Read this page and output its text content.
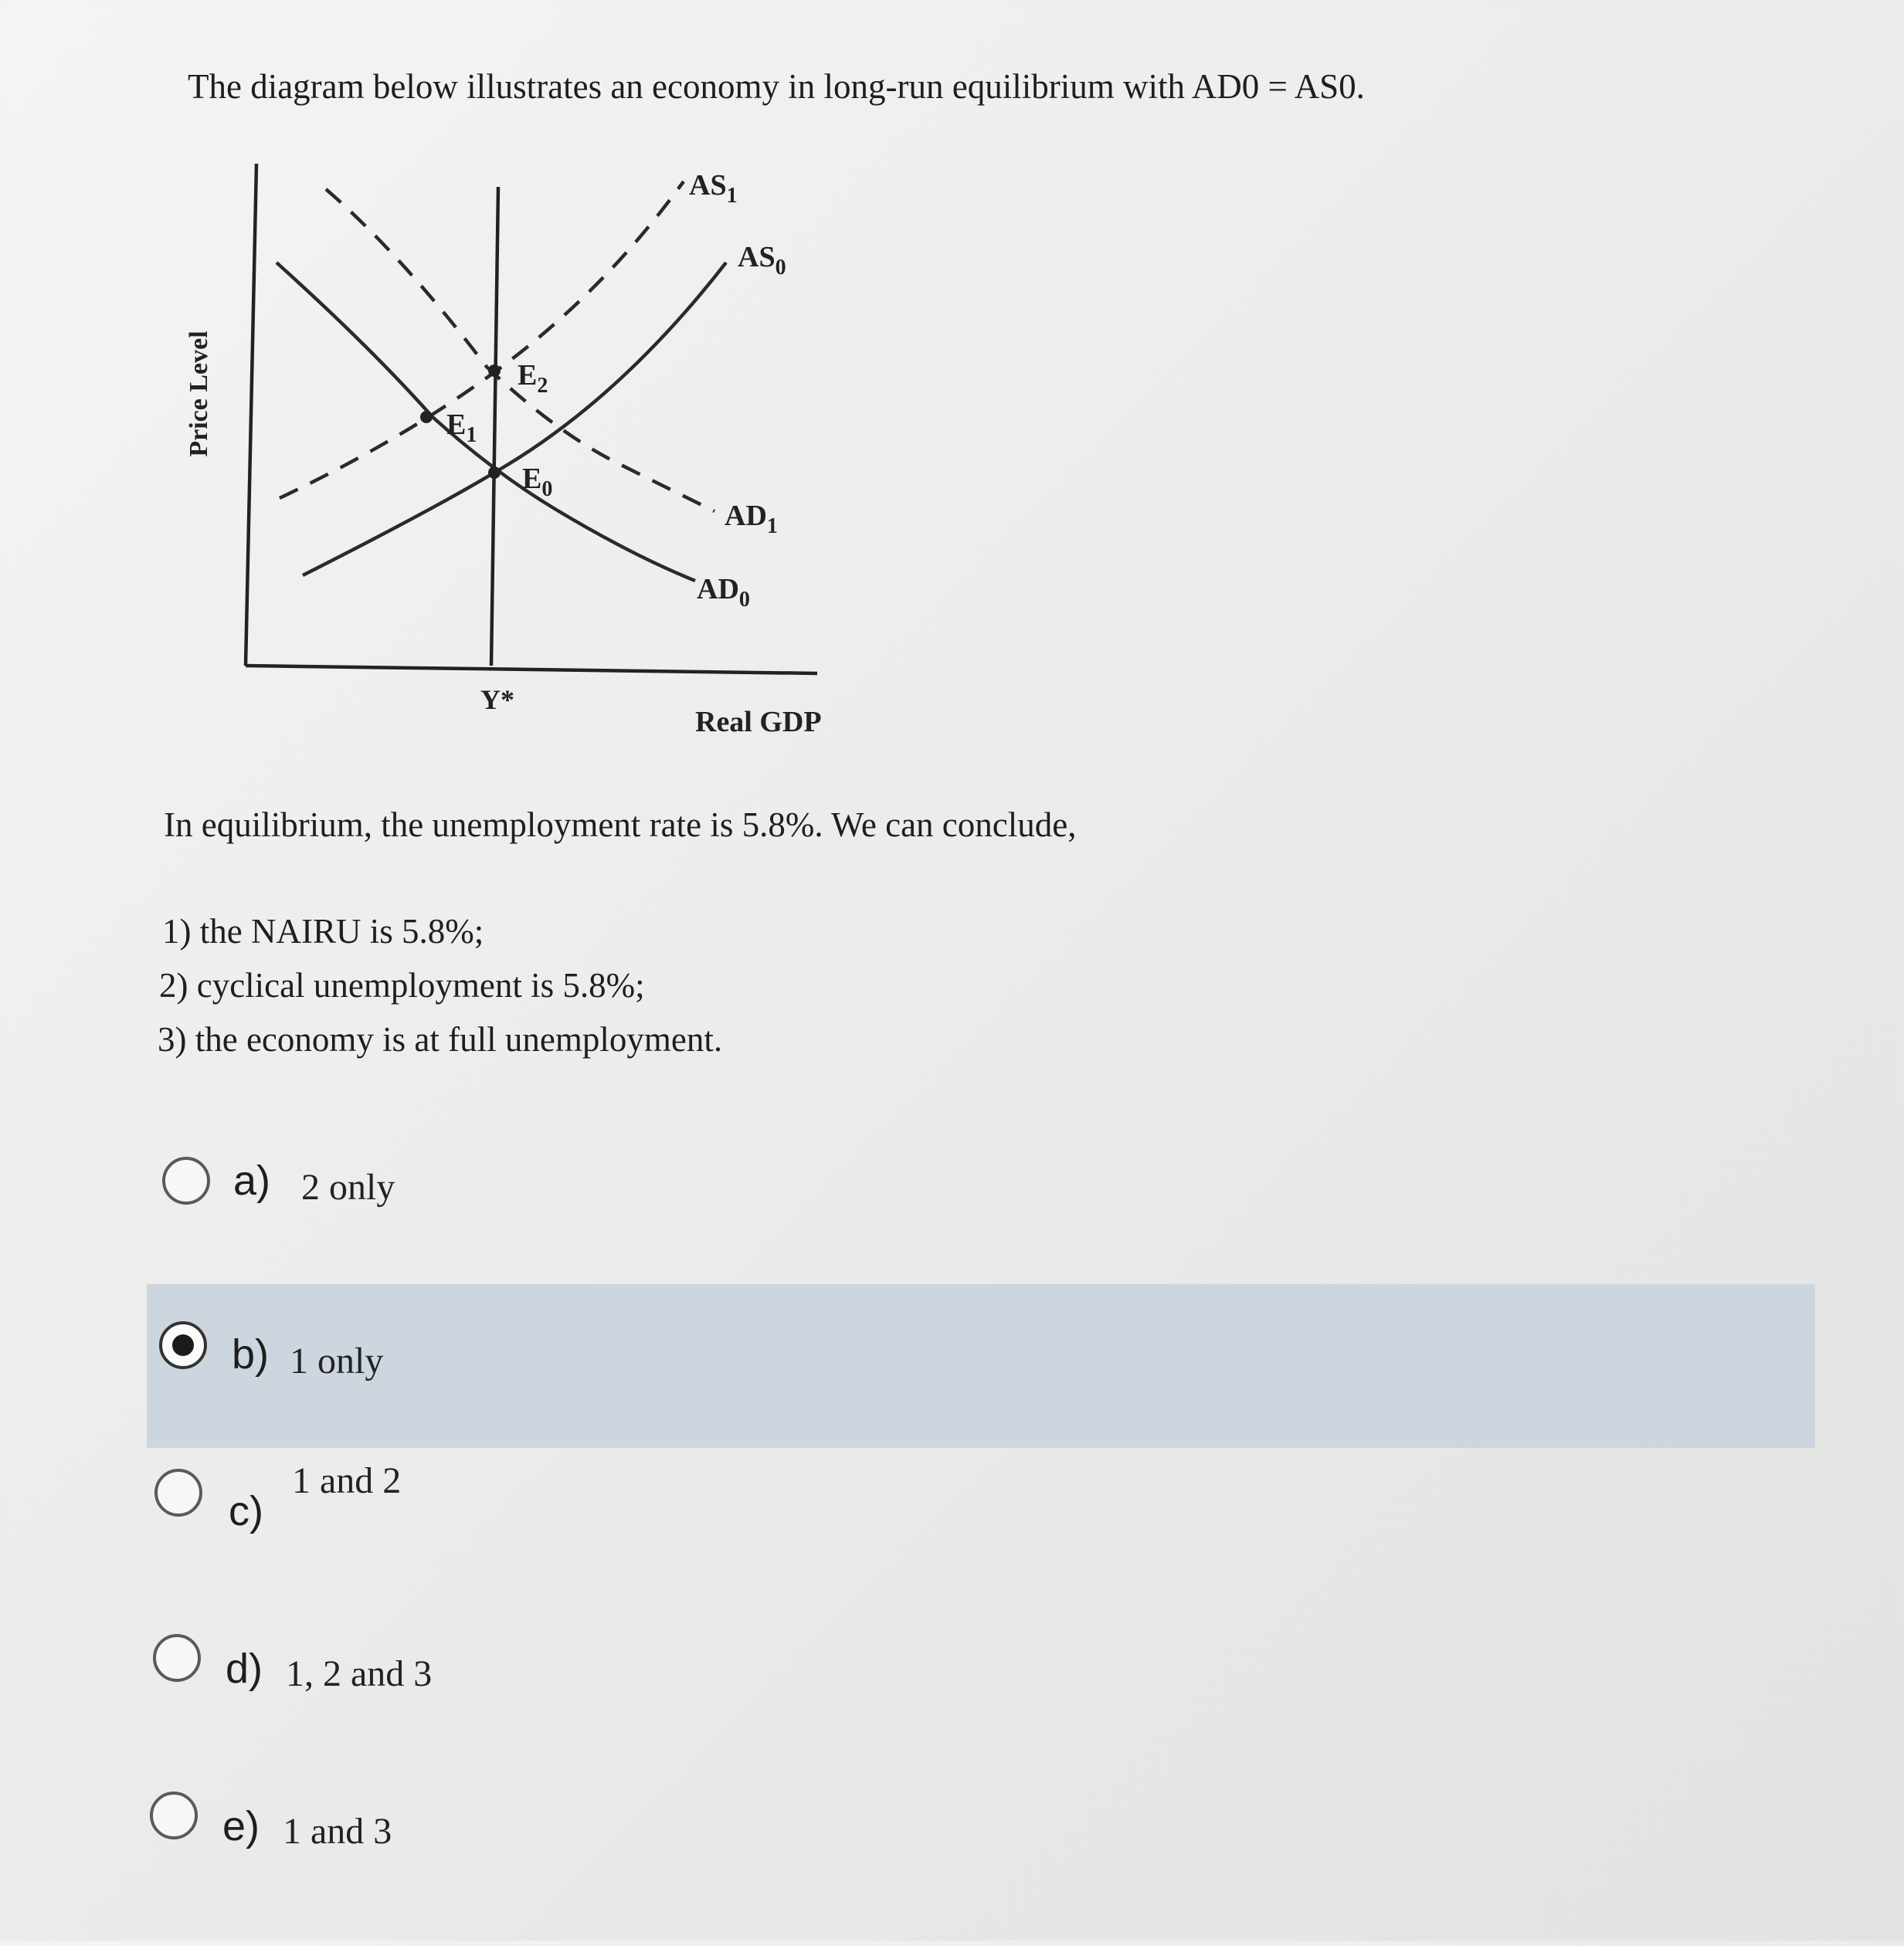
The diagram below illustrates an economy in long-run equilibrium with AD0 = AS0.
Price Level
Real GDP
Y*
$AS_1$
$AS_0$
$AD_1$
$AD_0$
$E_0$
$E_1$
$E_2$
In equilibrium, the unemployment rate is 5.8%. We can conclude,
1) the NAIRU is 5.8%;
2) cyclical unemployment is 5.8%;
3) the economy is at full unemployment.
a) 2 only
b) 1 only
c)
1 and 2
d) 1, 2 and 3
e) 1 and 3
